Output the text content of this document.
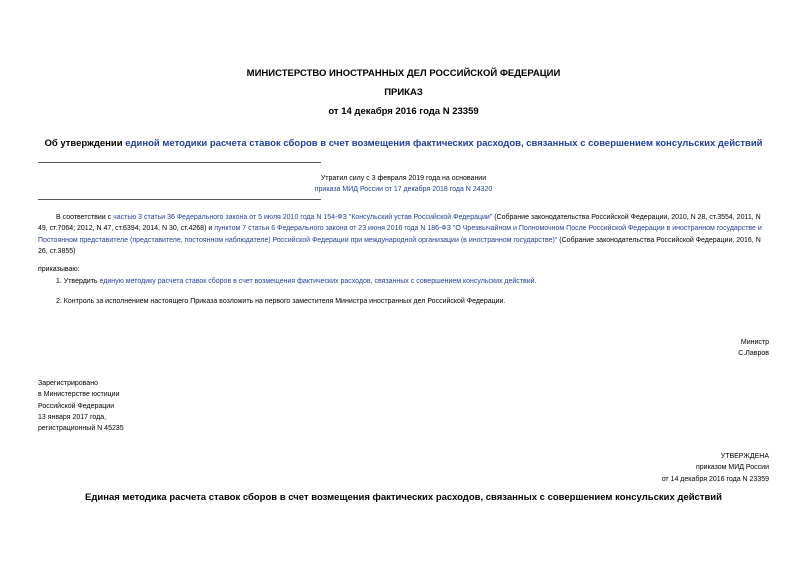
МИНИСТЕРСТВО ИНОСТРАННЫХ ДЕЛ РОССИЙСКОЙ ФЕДЕРАЦИИ
ПРИКАЗ
от 14 декабря 2016 года N 23359
Об утверждении единой методики расчета ставок сборов в счет возмещения фактических расходов, связанных с совершением консульских действий
Утратил силу с 3 февраля 2019 года на основании
приказа МИД России от 17 декабря 2018 года N 24320
В соответствии с частью 3 статьи 36 Федерального закона от 5 июля 2010 года N 154-ФЗ "Консульский устав Российской Федерации" (Собрание законодательства Российской Федерации, 2010, N 28, ст.3554, 2011, N 49, ст.7064; 2012, N 47, ст.6394; 2014, N 30, ст.4268) и пунктом 7 статьи 6 Федерального закона от 23 июня 2016 года N 186-ФЗ "О Чрезвычайном и Полномочном После Российской Федерации в иностранном государстве и Постоянном представителе (представителе, постоянном наблюдателе) Российской Федерации при международной организации (в иностранном государстве)" (Собрание законодательства Российской Федерации, 2016, N 26, ст.3855)
приказываю:
1. Утвердить единую методику расчета ставок сборов в счет возмещения фактических расходов, связанных с совершением консульских действий.
2. Контроль за исполнением настоящего Приказа возложить на первого заместителя Министра иностранных дел Российской Федерации.
Министр
С.Лавров
Зарегистрировано
в Министерстве юстиции
Российской Федерации
13 января 2017 года,
регистрационный N 45235
УТВЕРЖДЕНА
приказом МИД России
от 14 декабря 2016 года N 23359
Единая методика расчета ставок сборов в счет возмещения фактических расходов, связанных с совершением консульских действий
